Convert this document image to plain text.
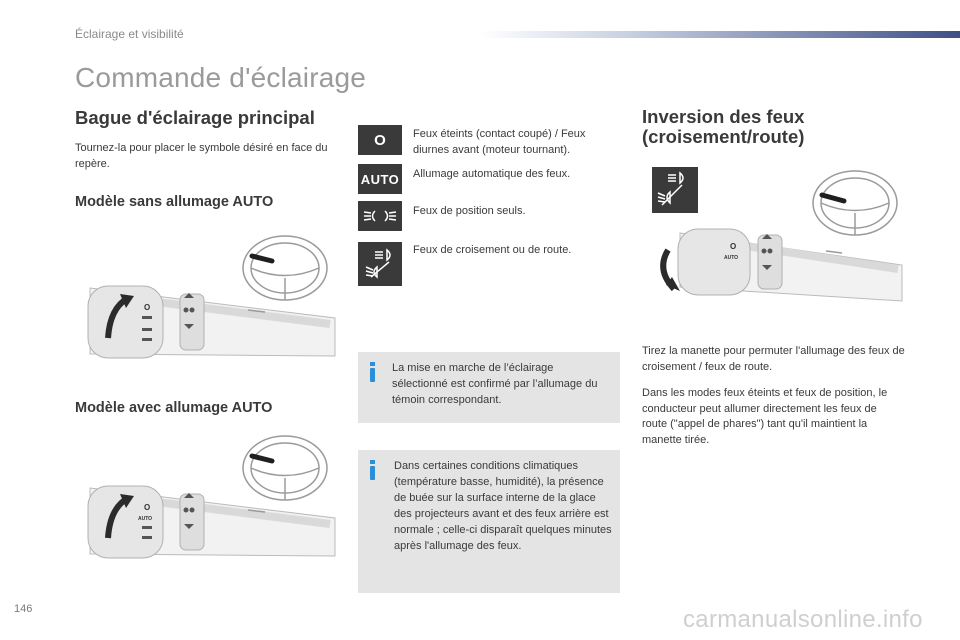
Éclairage et visibilité
Commande d'éclairage
Bague d'éclairage principal
Tournez-la pour placer le symbole désiré en face du repère.
Modèle sans allumage AUTO
Modèle avec allumage AUTO
O
O
AUTO
O Feux éteints (contact coupé) / Feux diurnes avant (moteur tournant).
AUTO Allumage automatique des feux.
Feux de position seuls.
Feux de croisement ou de route.
La mise en marche de l’éclairage sélectionné est confirmé par l’allumage du témoin correspondant.
Dans certaines conditions climatiques (température basse, humidité), la présence de buée sur la surface interne de la glace des projecteurs avant et des feux arrière est normale ; celle-ci disparaît quelques minutes après l'allumage des feux.
Inversion des feux (croisement/route)
O
AUTO
Tirez la manette pour permuter l'allumage des feux de croisement / feux de route.
Dans les modes feux éteints et feux de position, le conducteur peut allumer directement les feux de route ("appel de phares") tant qu'il maintient la manette tirée.
146	carmanualsonline.info
